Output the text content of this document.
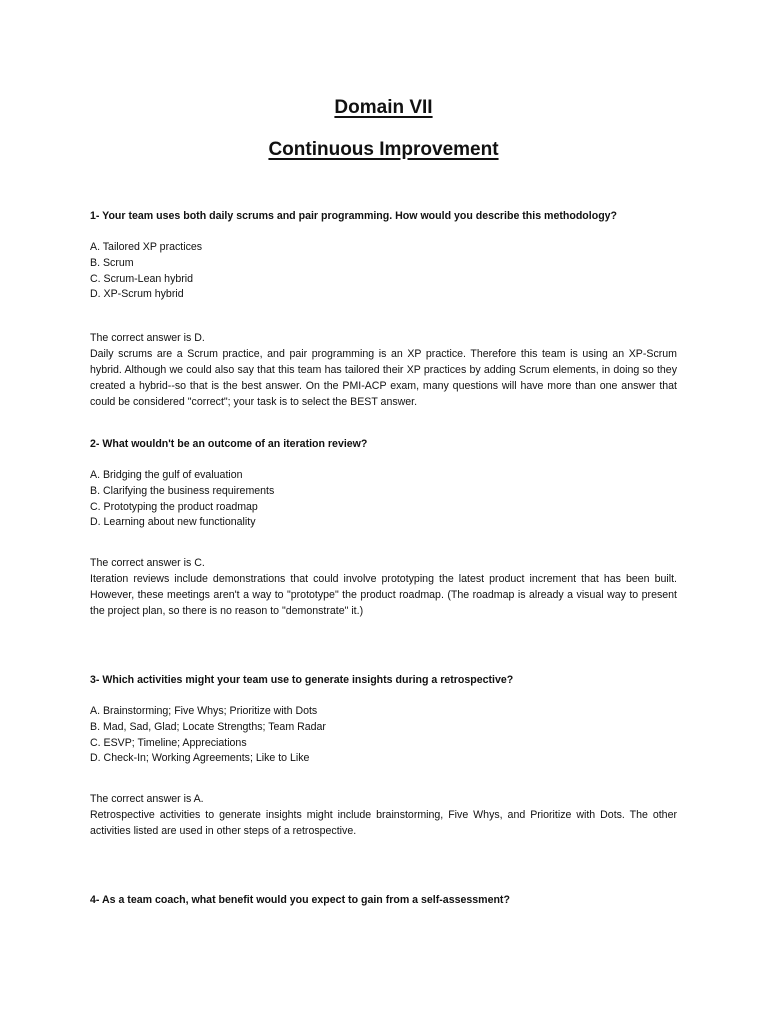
Domain VII
Continuous Improvement

1- Your team uses both daily scrums and pair programming. How would you describe this methodology?

A. Tailored XP practices
B. Scrum
C. Scrum-Lean hybrid
D. XP-Scrum hybrid

The correct answer is D.

Daily scrums are a Scrum practice, and pair programming is an XP practice. Therefore this team is using an XP-Scrum hybrid. Although we could also say that this team has tailored their XP practices by adding Scrum elements, in doing so they created a hybrid--so that is the best answer. On the PMI-ACP exam, many questions will have more than one answer that could be considered "correct"; your task is to select the BEST answer.

2- What wouldn't be an outcome of an iteration review?

A. Bridging the gulf of evaluation
B. Clarifying the business requirements
C. Prototyping the product roadmap
D. Learning about new functionality

The correct answer is C.

Iteration reviews include demonstrations that could involve prototyping the latest product increment that has been built. However, these meetings aren't a way to "prototype" the product roadmap. (The roadmap is already a visual way to present the project plan, so there is no reason to "demonstrate" it.)

3- Which activities might your team use to generate insights during a retrospective?

A. Brainstorming; Five Whys; Prioritize with Dots
B. Mad, Sad, Glad; Locate Strengths; Team Radar
C. ESVP; Timeline; Appreciations
D. Check-In; Working Agreements; Like to Like

The correct answer is A.

Retrospective activities to generate insights might include brainstorming, Five Whys, and Prioritize with Dots. The other activities listed are used in other steps of a retrospective.

4- As a team coach, what benefit would you expect to gain from a self-assessment?
